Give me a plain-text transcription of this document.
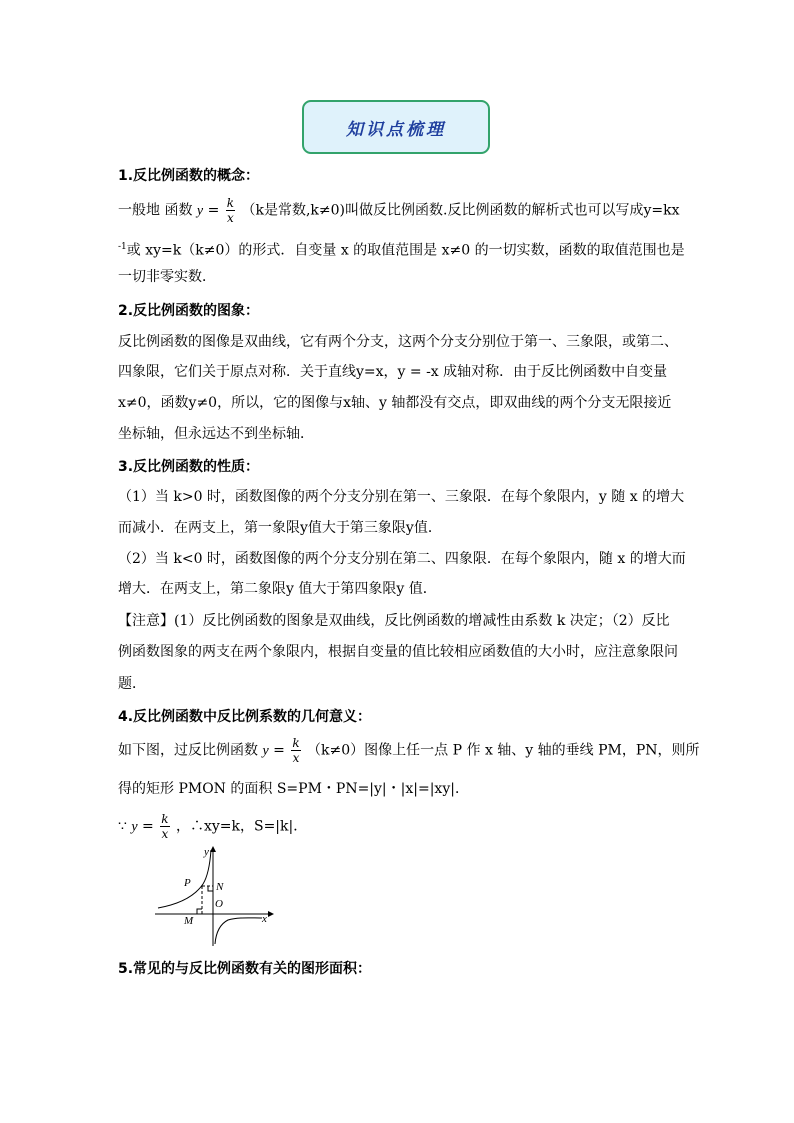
知识点梳理
1.反比例函数的概念：
一般地 函数 $y = \frac{k}{x} (k$是常数,k≠0)叫做反比例函数.反比例函数的解析式也可以写成y=kx
$^{-1}$或 xy=k（k≠0）的形式．自变量 x 的取值范围是 x≠0 的一切实数，函数的取值范围也是
一切非零实数．
2.反比例函数的图象：
反比例函数的图像是双曲线，它有两个分支，这两个分支分别位于第一、三象限，或第二、
四象限，它们关于原点对称．关于直线y=x，y = -x 成轴对称．由于反比例函数中自变量
x≠0，函数y≠0，所以，它的图像与x轴、y 轴都没有交点，即双曲线的两个分支无限接近
坐标轴，但永远达不到坐标轴．
3.反比例函数的性质：
（1）当 k>0 时，函数图像的两个分支分别在第一、三象限．在每个象限内，y 随 x 的增大
而减小．在两支上，第一象限y值大于第三象限y值．
（2）当 k<0 时，函数图像的两个分支分别在第二、四象限．在每个象限内，随 x 的增大而
增大．在两支上，第二象限y 值大于第四象限y 值．
【注意】(1）反比例函数的图象是双曲线，反比例函数的增减性由系数 k 决定；（2）反比
例函数图象的两支在两个象限内，根据自变量的值比较相应函数值的大小时，应注意象限问
题．
4.反比例函数中反比例系数的几何意义：
如下图，过反比例函数 $y = \frac{k}{x} (k\ne 0)$图像上任一点 P 作 x 轴、y 轴的垂线 PM，PN，则所
得的矩形 PMON 的面积 S=PM・PN=|y|・|x|=|xy|．
∵ $y = \frac{k}{x}$ ，∴xy=k，S=|k|．
y
x
P N
O
M
5.常见的与反比例函数有关的图形面积：
